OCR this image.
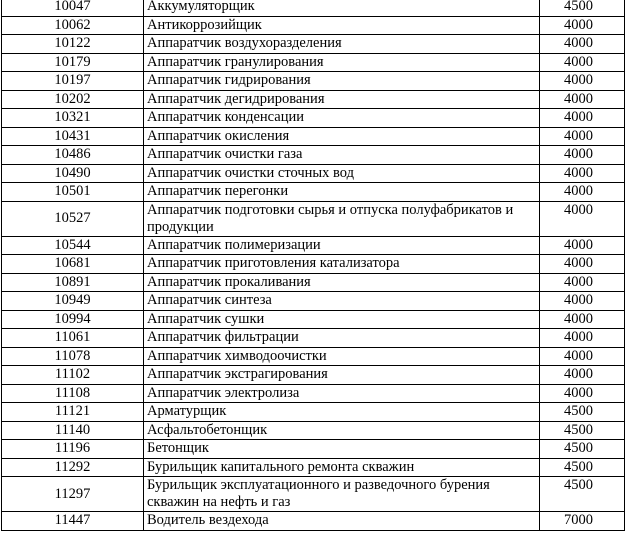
10047	Аккумуляторщик	4500
10062	Антикоррозийщик	4000
10122	Аппаратчик воздухоразделения	4000
10179	Аппаратчик гранулирования	4000
10197	Аппаратчик гидрирования	4000
10202	Аппаратчик дегидрирования	4000
10321	Аппаратчик конденсации	4000
10431	Аппаратчик окисления	4000
10486	Аппаратчик очистки газа	4000
10490	Аппаратчик очистки сточных вод	4000
10501	Аппаратчик перегонки	4000
10527	Аппаратчик подготовки сырья и отпуска полуфабрикатов и продукции	4000
10544	Аппаратчик полимеризации	4000
10681	Аппаратчик приготовления катализатора	4000
10891	Аппаратчик прокаливания	4000
10949	Аппаратчик синтеза	4000
10994	Аппаратчик сушки	4000
11061	Аппаратчик фильтрации	4000
11078	Аппаратчик химводоочистки	4000
11102	Аппаратчик экстрагирования	4000
11108	Аппаратчик электролиза	4000
11121	Арматурщик	4500
11140	Асфальтобетонщик	4500
11196	Бетонщик	4500
11292	Бурильщик капитального ремонта скважин	4500
11297	Бурильщик эксплуатационного и разведочного бурения скважин на нефть и газ	4500
11447	Водитель вездехода	7000
